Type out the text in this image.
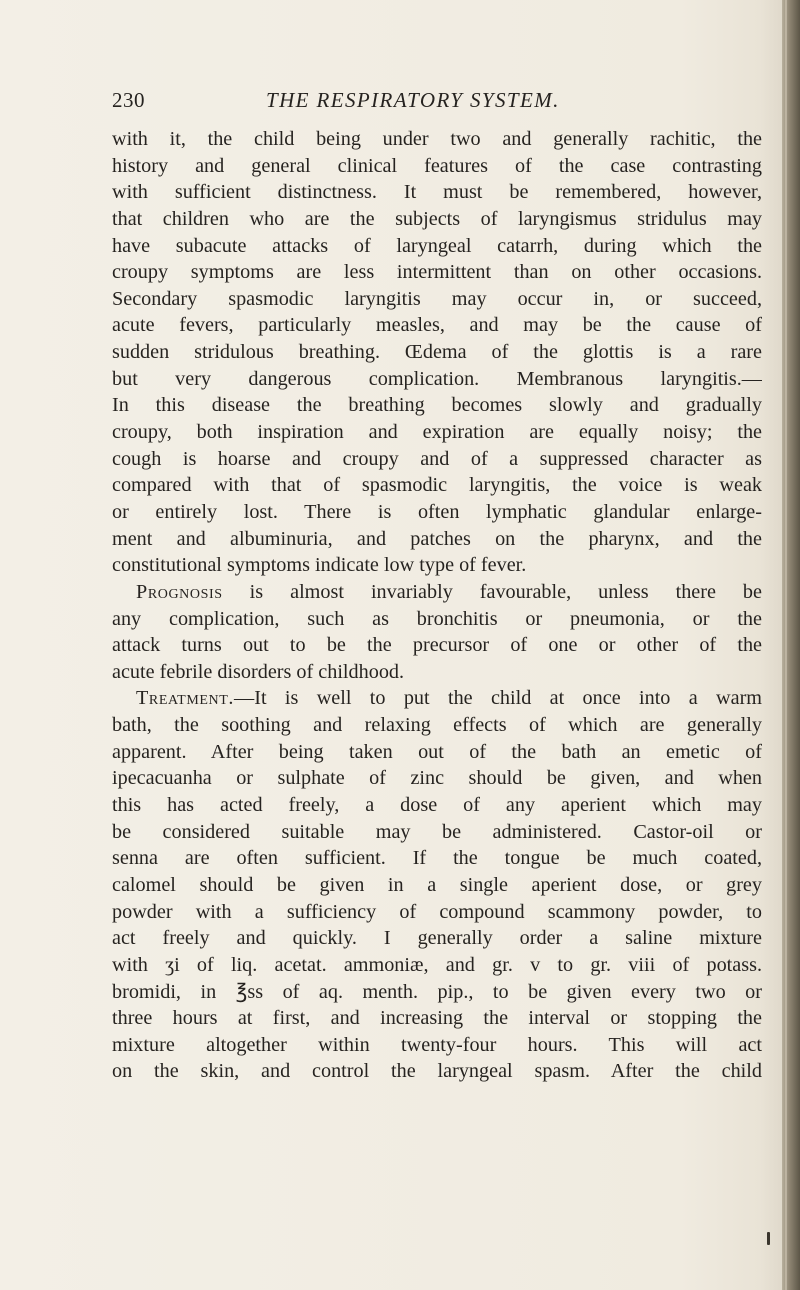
230	THE RESPIRATORY SYSTEM.
with it, the child being under two and generally rachitic, the
history and general clinical features of the case contrasting
with sufficient distinctness. It must be remembered, however,
that children who are the subjects of laryngismus stridulus may
have subacute attacks of laryngeal catarrh, during which the
croupy symptoms are less intermittent than on other occasions.
Secondary spasmodic laryngitis may occur in, or succeed,
acute fevers, particularly measles, and may be the cause of
sudden stridulous breathing. Œdema of the glottis is a rare
but very dangerous complication. Membranous laryngitis.—
In this disease the breathing becomes slowly and gradually
croupy, both inspiration and expiration are equally noisy; the
cough is hoarse and croupy and of a suppressed character as
compared with that of spasmodic laryngitis, the voice is weak
or entirely lost. There is often lymphatic glandular enlarge-
ment and albuminuria, and patches on the pharynx, and the
constitutional symptoms indicate low type of fever.
Prognosis is almost invariably favourable, unless there be
any complication, such as bronchitis or pneumonia, or the
attack turns out to be the precursor of one or other of the
acute febrile disorders of childhood.
Treatment.—It is well to put the child at once into a warm
bath, the soothing and relaxing effects of which are generally
apparent. After being taken out of the bath an emetic of
ipecacuanha or sulphate of zinc should be given, and when
this has acted freely, a dose of any aperient which may
be considered suitable may be administered. Castor-oil or
senna are often sufficient. If the tongue be much coated,
calomel should be given in a single aperient dose, or grey
powder with a sufficiency of compound scammony powder, to
act freely and quickly. I generally order a saline mixture
with ʒi of liq. acetat. ammoniæ, and gr. v to gr. viii of potass.
bromidi, in ℥ss of aq. menth. pip., to be given every two or
three hours at first, and increasing the interval or stopping the
mixture altogether within twenty-four hours. This will act
on the skin, and control the laryngeal spasm. After the child
